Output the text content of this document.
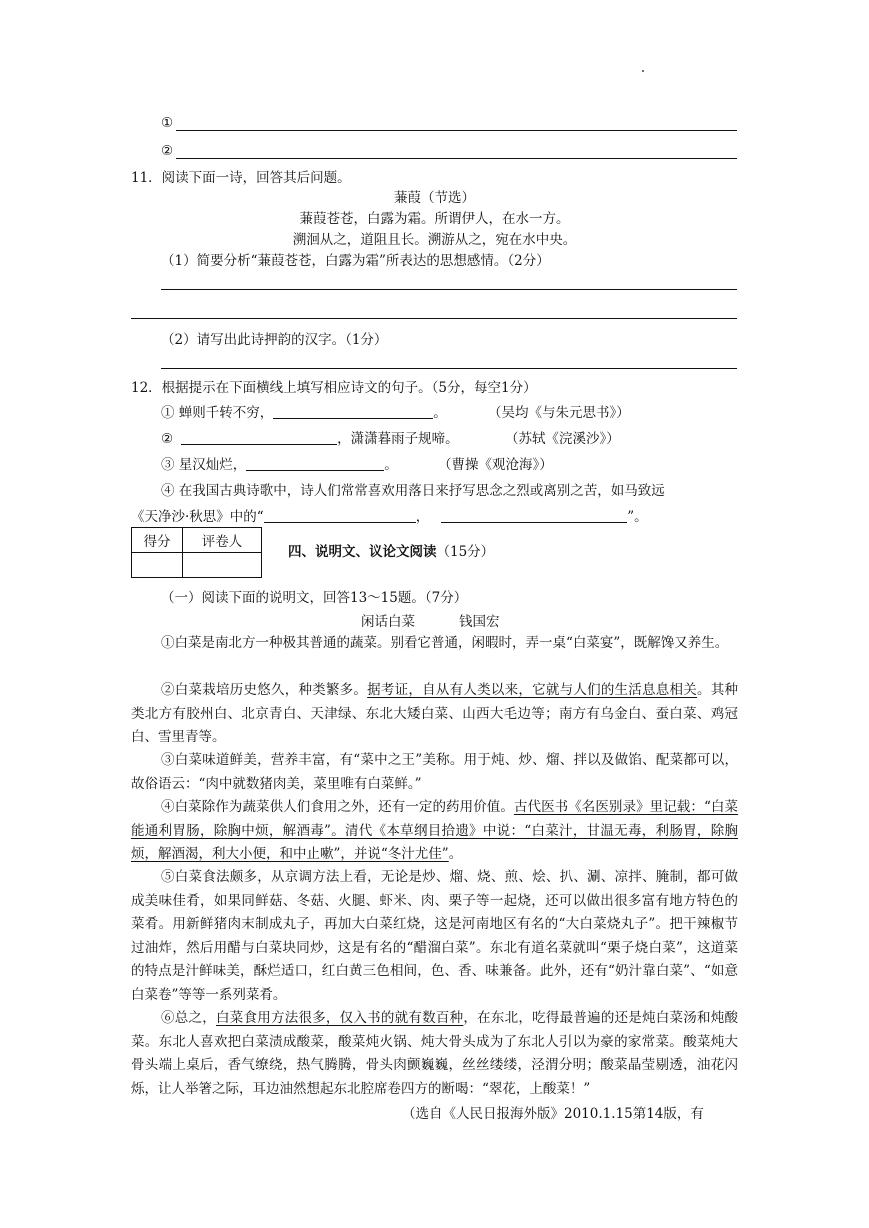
①
②
11．阅读下面一诗，回答其后问题。
蒹葭（节选）
蒹葭苍苍，白露为霜。所谓伊人，在水一方。
溯洄从之，道阻且长。溯游从之，宛在水中央。
（1）简要分析“蒹葭苍苍，白露为霜”所表达的思想感情。（2分）
（2）请写出此诗押韵的汉字。（1分）
12．根据提示在下面横线上填写相应诗文的句子。（5分，每空1分）
① 蝉则千转不穷，	。	（吴均《与朱元思书》）
②	，潇潇暮雨子规啼。	（苏轼《浣溪沙》）
③ 星汉灿烂，	。	（曹操《观沧海》）
④ 在我国古典诗歌中，诗人们常常喜欢用落日来抒写思念之烈或离别之苦，如马致远
《天净沙·秋思》中的“	，	”。
得分	评卷人

四、说明文、议论文阅读（15分）
（一）阅读下面的说明文，回答13～15题。（7分）
闲话白菜	钱国宏
①白菜是南北方一种极其普通的蔬菜。别看它普通，闲暇时，弄一桌“白菜宴”，既解馋又养生。
②白菜栽培历史悠久，种类繁多。据考证，自从有人类以来，它就与人们的生活息息相关。其种类北方有胶州白、北京青白、天津绿、东北大矮白菜、山西大毛边等；南方有乌金白、蚕白菜、鸡冠白、雪里青等。
③白菜味道鲜美，营养丰富，有“菜中之王”美称。用于炖、炒、熘、拌以及做馅、配菜都可以，故俗语云：“肉中就数猪肉美，菜里唯有白菜鲜。”
④白菜除作为蔬菜供人们食用之外，还有一定的药用价值。古代医书《名医别录》里记载：“白菜能通利胃肠，除胸中烦，解酒毒”。清代《本草纲目拾遗》中说：“白菜汁，甘温无毒，利肠胃，除胸烦，解酒渴，利大小便，和中止嗽”，并说“冬汁尤佳”。
⑤白菜食法颇多，从京调方法上看，无论是炒、熘、烧、煎、烩、扒、涮、凉拌、腌制，都可做成美味佳肴，如果同鲜菇、冬菇、火腿、虾米、肉、栗子等一起烧，还可以做出很多富有地方特色的菜肴。用新鲜猪肉末制成丸子，再加大白菜红烧，这是河南地区有名的“大白菜烧丸子”。把干辣椒节过油炸，然后用醋与白菜块同炒，这是有名的“醋溜白菜”。东北有道名菜就叫“栗子烧白菜”，这道菜的特点是汁鲜味美，酥烂适口，红白黄三色相间，色、香、味兼备。此外，还有“奶汁靠白菜”、“如意白菜卷”等等一系列菜肴。
⑥总之，白菜食用方法很多，仅入书的就有数百种，在东北，吃得最普遍的还是炖白菜汤和炖酸菜。东北人喜欢把白菜渍成酸菜，酸菜炖火锅、炖大骨头成为了东北人引以为豪的家常菜。酸菜炖大骨头端上桌后，香气缭绕，热气腾腾，骨头肉颤巍巍，丝丝缕缕，泾渭分明；酸菜晶莹剔透，油花闪烁，让人举箸之际，耳边油然想起东北腔席卷四方的断喝：“翠花，上酸菜！”
（选自《人民日报海外版》2010.1.15第14版，有
